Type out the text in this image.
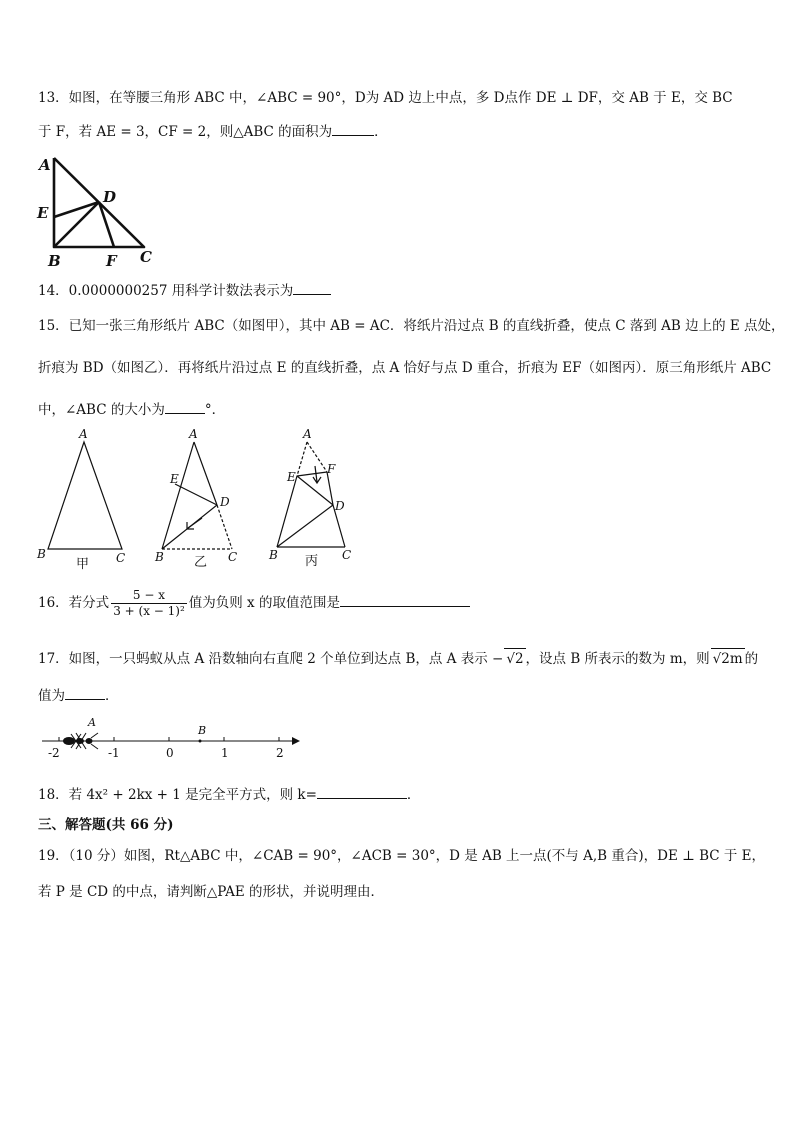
13．如图，在等腰三角形 ABC 中，∠ABC = 90°，D为 AD 边上中点，多 D点作 DE ⊥ DF，交 AB 于 E，交 BC
于 F，若 AE = 3，CF = 2，则△ABC 的面积为	．
A
E
D
B	F C
14．0.0000000257 用科学计数法表示为
15．已知一张三角形纸片 ABC（如图甲），其中 AB = AC．将纸片沿过点 B 的直线折叠，使点 C 落到 AB 边上的 E 点处，
折痕为 BD（如图乙）．再将纸片沿过点 E 的直线折叠，点 A 恰好与点 D 重合，折痕为 EF（如图丙）．原三角形纸片 ABC
中，∠ABC 的大小为	°．
A
B	C
甲
A
E
D
B	C
乙
A
E
F
D
B	C
丙
16．若分式 $\frac{5 - x}{\text{3 + (x − 1)²}}$ 值为负则 x 的取值范围是
17．如图，一只蚂蚁从点 A 沿数轴向右直爬 2 个单位到达点 B，点 A 表示 − √2 ，设点 B 所表示的数为 m，则 √2m 的
值为	．
-2	-1	0	1	2
A
B
18．若 4x² + 2kx + 1 是完全平方式，则 k=	．
三、解答题(共 66 分)
19．（10 分）如图，Rt△ABC 中，∠CAB = 90°，∠ACB = 30°，D 是 AB 上一点(不与 A,B 重合)，DE ⊥ BC 于 E，
若 P 是 CD 的中点，请判断△PAE 的形状，并说明理由．
